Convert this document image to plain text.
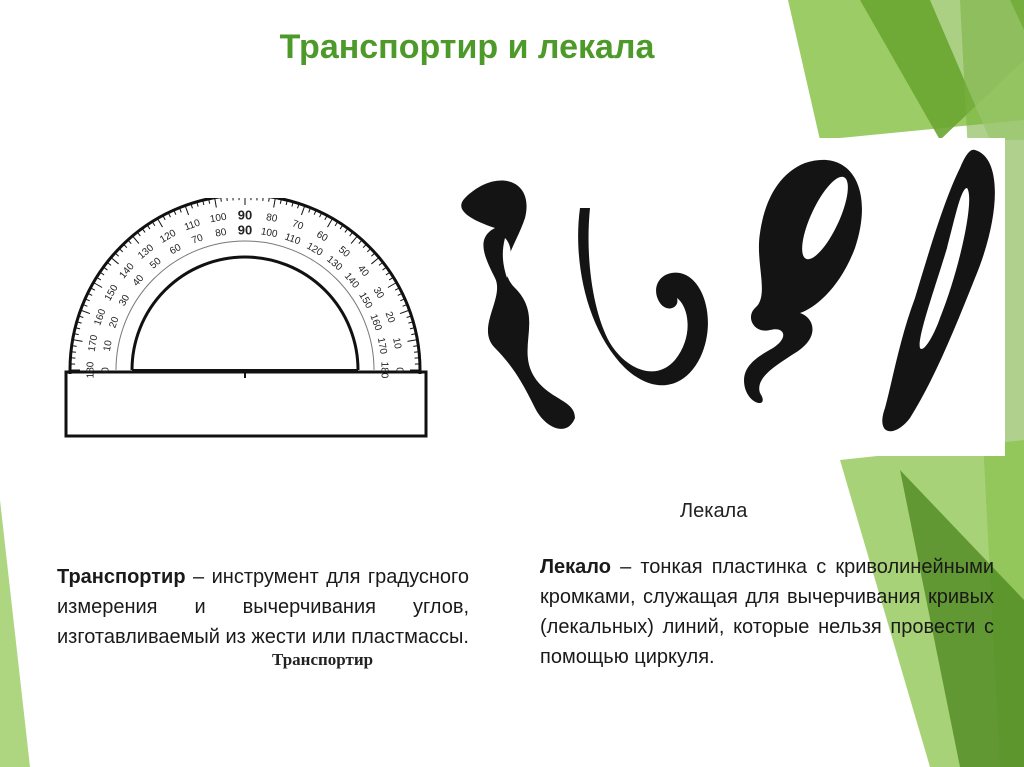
Транспортир и лекала
180
170
160
150
140
130
120
110 100 90 80 70
60
50
40
30
20
10
0
0
10
20
30
40
50
60
70 80 90 100 110
120
130
140
150
160
170
180
Транспортир
Лекала
Транспортир – инструмент для градусного измерения и вычерчивания углов, изготавливаемый из жести или пластмассы.
Лекало – тонкая пластинка с криволинейными кромками, служащая для вычерчивания кривых (лекальных) линий, которые нельзя провести с помощью циркуля.
